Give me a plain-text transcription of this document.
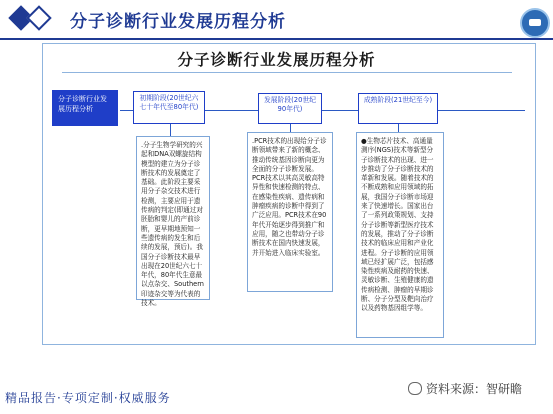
分子诊断行业发展历程分析
分子诊断行业发展历程分析
分子诊断行业发展历程分析
初期阶段(20世纪六七十年代至80年代)
发展阶段(20世纪90年代)
成熟阶段(21世纪至今)
.分子生物学研究的兴起和DNA双螺旋结构模型的建立为分子诊断技术的发展奠定了基础。此阶段主要采用分子杂交技术进行检测，主要应用于遗传病的判定(即通过对胚胎和婴儿的产前诊断，更早期地预知一些遗传病的发生和后续的发展，预后)。我国分子诊断技术最早出现在20世纪六七十年代，80年代生意最以点杂交、Southern印迹杂交等为代表的技术。
.PCR技术的出现给分子诊断领域带来了新的概念、推动传统基因诊断向更为全面的分子诊断发展。PCR技术以其高灵敏高特异性和快速检测的特点、在感染性疾病、遗传病和肿瘤疾病的诊断中得到了广泛应用。PCR技术在90年代开始逐步得到推广和应用，随之也带动分子诊断技术在国内快速发展，并开始进入临床实验室。
●生物芯片技术、高通量测序(NGS)技术等新型分子诊断技术的出现、进一步推动了分子诊断技术的革新和发展。随着技术的不断成熟和应用领域的拓展，我国分子诊断市场迎来了快速增长。国家出台了一系列政策规划、支持分子诊断等新型医疗技术的发展，推动了分子诊断技术的临床应用和产业化进程。分子诊断的应用领域已经扩展广泛，包括感染性疾病及耐药的快速、灵敏诊断、生殖健康的遗传病检测、肿瘤的早期诊断、分子分型及靶向治疗以及药物基因组学等。
精品报告·专项定制·权威服务
资料来源：智研瞻
